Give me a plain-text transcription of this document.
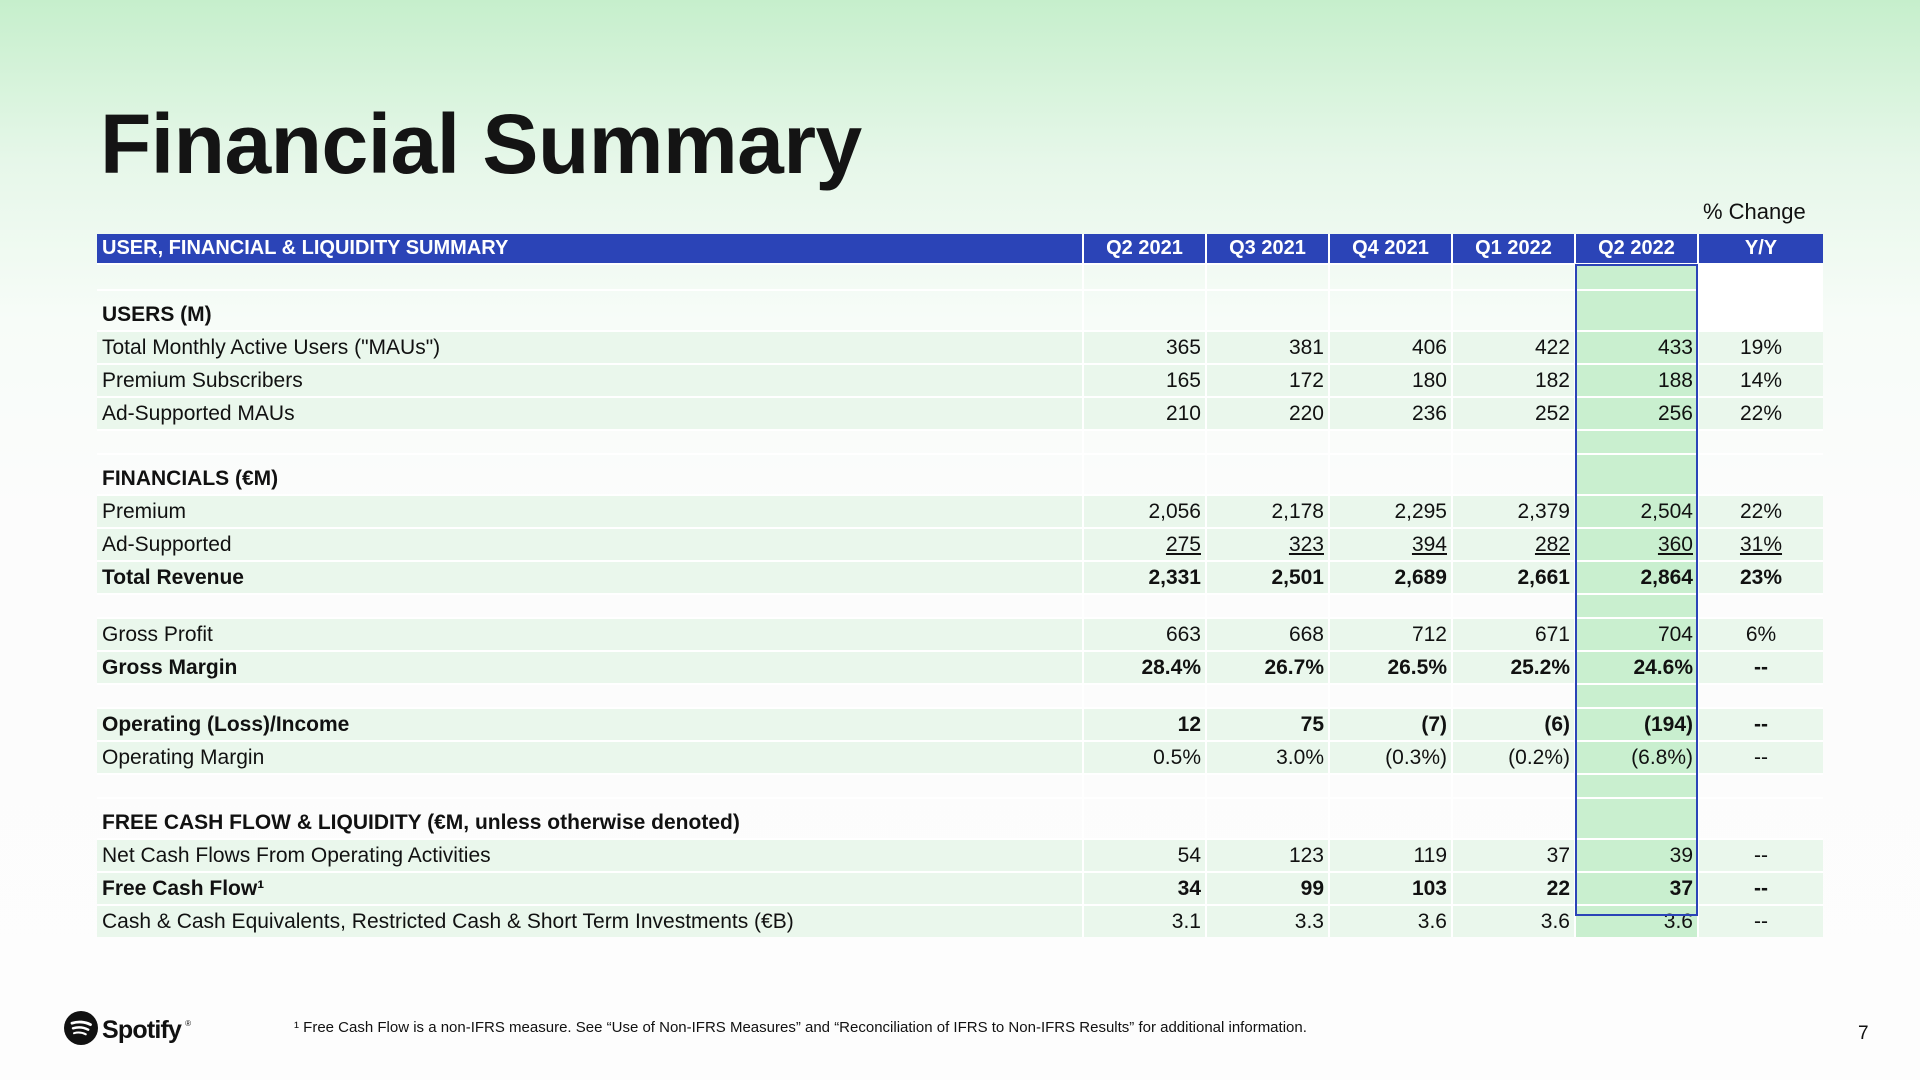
Financial Summary
% Change
USER, FINANCIAL & LIQUIDITY SUMMARY	Q2 2021	Q3 2021	Q4 2021	Q1 2022	Q2 2022	Y/Y

USERS (M)						
Total Monthly Active Users ("MAUs")	365	381	406	422	433	19%
Premium Subscribers	165	172	180	182	188	14%
Ad-Supported MAUs	210	220	236	252	256	22%

FINANCIALS (€M)						
Premium	2,056	2,178	2,295	2,379	2,504	22%
Ad-Supported	275	323	394	282	360	31%
Total Revenue	2,331	2,501	2,689	2,661	2,864	23%

Gross Profit	663	668	712	671	704	6%
Gross Margin	28.4%	26.7%	26.5%	25.2%	24.6%	--

Operating (Loss)/Income	12	75	(7)	(6)	(194)	--
Operating Margin	0.5%	3.0%	(0.3%)	(0.2%)	(6.8%)	--

FREE CASH FLOW & LIQUIDITY (€M, unless otherwise denoted)						
Net Cash Flows From Operating Activities	54	123	119	37	39	--
Free Cash Flow¹	34	99	103	22	37	--
Cash & Cash Equivalents, Restricted Cash & Short Term Investments (€B)	3.1	3.3	3.6	3.6	3.6	--
Spotify ®	¹ Free Cash Flow is a non-IFRS measure. See “Use of Non-IFRS Measures” and “Reconciliation of IFRS to Non-IFRS Results” for additional information.	7
